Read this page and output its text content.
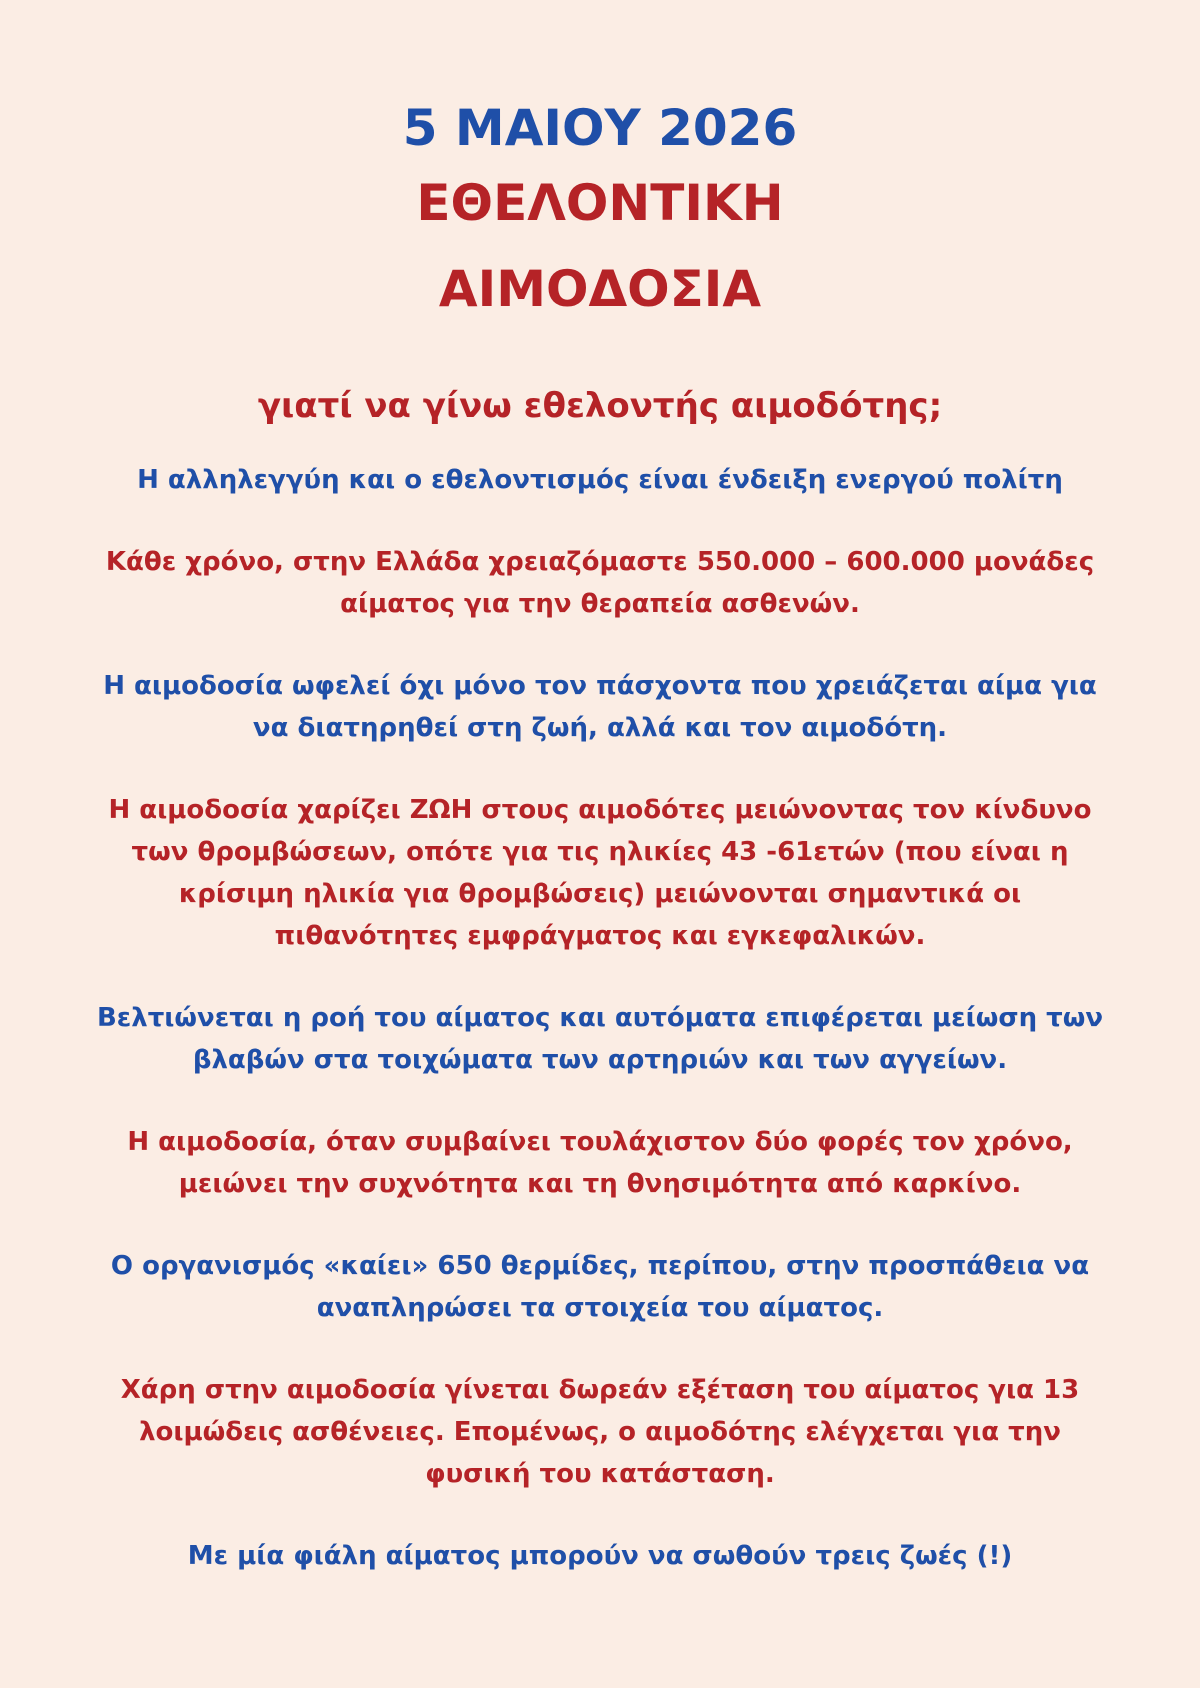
5 ΜΑΙΟΥ 2026
ΕΘΕΛΟΝΤΙΚΗ
ΑΙΜΟΔΟΣΙΑ
γιατί να γίνω εθελοντής αιμοδότης;

Η αλληλεγγύη και ο εθελοντισμός είναι ένδειξη ενεργού πολίτη

Κάθε χρόνο, στην Ελλάδα χρειαζόμαστε 550.000 – 600.000 μονάδες
αίματος για την θεραπεία ασθενών.

Η αιμοδοσία ωφελεί όχι μόνο τον πάσχοντα που χρειάζεται αίμα για
να διατηρηθεί στη ζωή, αλλά και τον αιμοδότη.

Η αιμοδοσία χαρίζει ΖΩΗ στους αιμοδότες μειώνοντας τον κίνδυνο
των θρομβώσεων, οπότε για τις ηλικίες 43 -61ετών (που είναι η
κρίσιμη ηλικία για θρομβώσεις) μειώνονται σημαντικά οι
πιθανότητες εμφράγματος και εγκεφαλικών.

Βελτιώνεται η ροή του αίματος και αυτόματα επιφέρεται μείωση των
βλαβών στα τοιχώματα των αρτηριών και των αγγείων.

Η αιμοδοσία, όταν συμβαίνει τουλάχιστον δύο φορές τον χρόνο,
μειώνει την συχνότητα και τη θνησιμότητα από καρκίνο.

Ο οργανισμός «καίει» 650 θερμίδες, περίπου, στην προσπάθεια να
αναπληρώσει τα στοιχεία του αίματος.

Χάρη στην αιμοδοσία γίνεται δωρεάν εξέταση του αίματος για 13
λοιμώδεις ασθένειες. Επομένως, ο αιμοδότης ελέγχεται για την
φυσική του κατάσταση.

Με μία φιάλη αίματος μπορούν να σωθούν τρεις ζωές (!)
